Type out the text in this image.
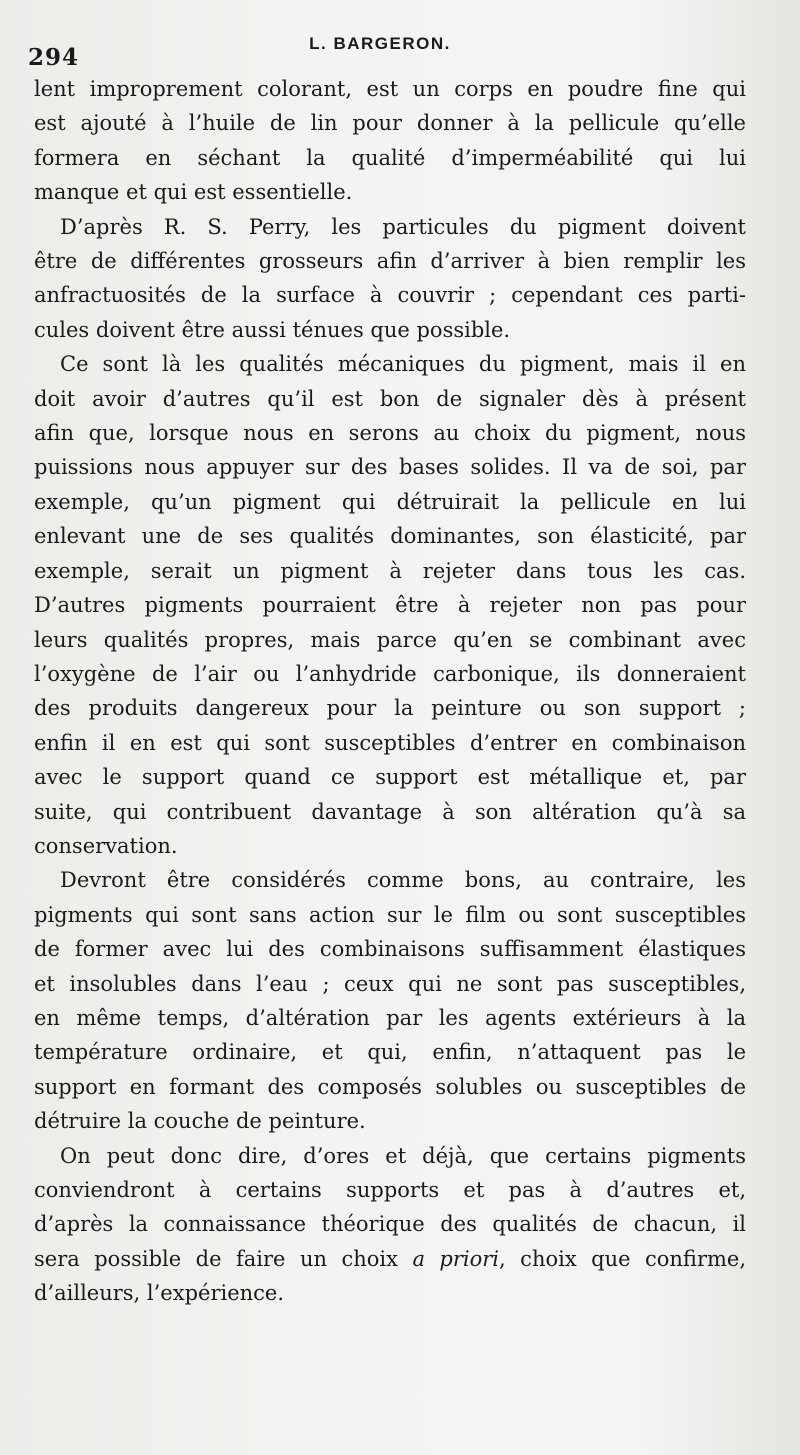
294
L. BARGERON.
lent improprement colorant, est un corps en poudre fine qui
est ajouté à l’huile de lin pour donner à la pellicule qu’elle
formera en séchant la qualité d’imperméabilité qui lui
manque et qui est essentielle.
D’après R. S. Perry, les particules du pigment doivent
être de différentes grosseurs afin d’arriver à bien remplir les
anfractuosités de la surface à couvrir ; cependant ces parti-
cules doivent être aussi ténues que possible.
Ce sont là les qualités mécaniques du pigment, mais il en
doit avoir d’autres qu’il est bon de signaler dès à présent
afin que, lorsque nous en serons au choix du pigment, nous
puissions nous appuyer sur des bases solides. Il va de soi, par
exemple, qu’un pigment qui détruirait la pellicule en lui
enlevant une de ses qualités dominantes, son élasticité, par
exemple, serait un pigment à rejeter dans tous les cas.
D’autres pigments pourraient être à rejeter non pas pour
leurs qualités propres, mais parce qu’en se combinant avec
l’oxygène de l’air ou l’anhydride carbonique, ils donneraient
des produits dangereux pour la peinture ou son support ;
enfin il en est qui sont susceptibles d’entrer en combinaison
avec le support quand ce support est métallique et, par
suite, qui contribuent davantage à son altération qu’à sa
conservation.
Devront être considérés comme bons, au contraire, les
pigments qui sont sans action sur le film ou sont susceptibles
de former avec lui des combinaisons suffisamment élastiques
et insolubles dans l’eau ; ceux qui ne sont pas susceptibles,
en même temps, d’altération par les agents extérieurs à la
température ordinaire, et qui, enfin, n’attaquent pas le
support en formant des composés solubles ou susceptibles de
détruire la couche de peinture.
On peut donc dire, d’ores et déjà, que certains pigments
conviendront à certains supports et pas à d’autres et,
d’après la connaissance théorique des qualités de chacun, il
sera possible de faire un choix a priori, choix que confirme,
d’ailleurs, l’expérience.
